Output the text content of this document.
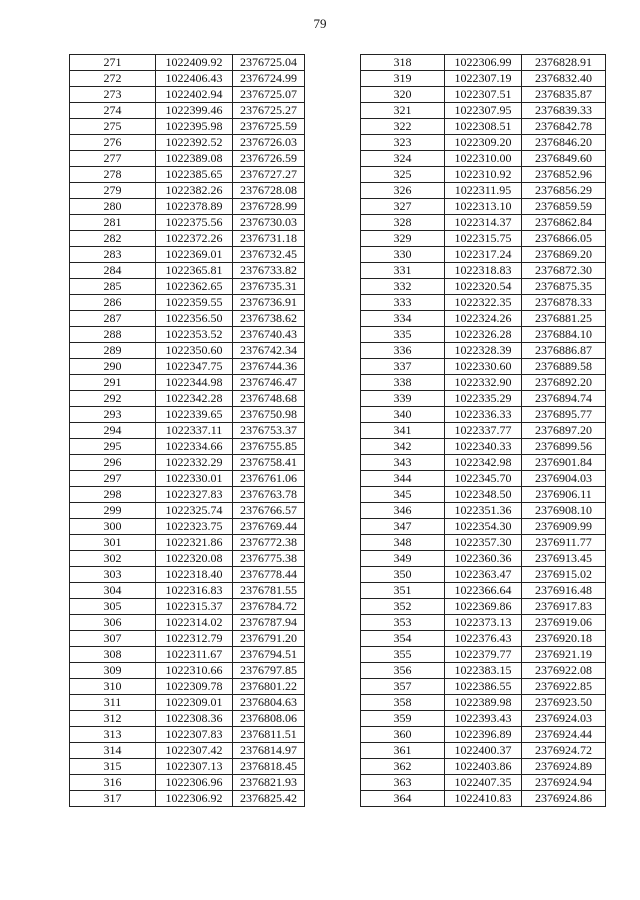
79
271	1022409.92	2376725.04
272	1022406.43	2376724.99
273	1022402.94	2376725.07
274	1022399.46	2376725.27
275	1022395.98	2376725.59
276	1022392.52	2376726.03
277	1022389.08	2376726.59
278	1022385.65	2376727.27
279	1022382.26	2376728.08
280	1022378.89	2376728.99
281	1022375.56	2376730.03
282	1022372.26	2376731.18
283	1022369.01	2376732.45
284	1022365.81	2376733.82
285	1022362.65	2376735.31
286	1022359.55	2376736.91
287	1022356.50	2376738.62
288	1022353.52	2376740.43
289	1022350.60	2376742.34
290	1022347.75	2376744.36
291	1022344.98	2376746.47
292	1022342.28	2376748.68
293	1022339.65	2376750.98
294	1022337.11	2376753.37
295	1022334.66	2376755.85
296	1022332.29	2376758.41
297	1022330.01	2376761.06
298	1022327.83	2376763.78
299	1022325.74	2376766.57
300	1022323.75	2376769.44
301	1022321.86	2376772.38
302	1022320.08	2376775.38
303	1022318.40	2376778.44
304	1022316.83	2376781.55
305	1022315.37	2376784.72
306	1022314.02	2376787.94
307	1022312.79	2376791.20
308	1022311.67	2376794.51
309	1022310.66	2376797.85
310	1022309.78	2376801.22
311	1022309.01	2376804.63
312	1022308.36	2376808.06
313	1022307.83	2376811.51
314	1022307.42	2376814.97
315	1022307.13	2376818.45
316	1022306.96	2376821.93
317	1022306.92	2376825.42
318	1022306.99	2376828.91
319	1022307.19	2376832.40
320	1022307.51	2376835.87
321	1022307.95	2376839.33
322	1022308.51	2376842.78
323	1022309.20	2376846.20
324	1022310.00	2376849.60
325	1022310.92	2376852.96
326	1022311.95	2376856.29
327	1022313.10	2376859.59
328	1022314.37	2376862.84
329	1022315.75	2376866.05
330	1022317.24	2376869.20
331	1022318.83	2376872.30
332	1022320.54	2376875.35
333	1022322.35	2376878.33
334	1022324.26	2376881.25
335	1022326.28	2376884.10
336	1022328.39	2376886.87
337	1022330.60	2376889.58
338	1022332.90	2376892.20
339	1022335.29	2376894.74
340	1022336.33	2376895.77
341	1022337.77	2376897.20
342	1022340.33	2376899.56
343	1022342.98	2376901.84
344	1022345.70	2376904.03
345	1022348.50	2376906.11
346	1022351.36	2376908.10
347	1022354.30	2376909.99
348	1022357.30	2376911.77
349	1022360.36	2376913.45
350	1022363.47	2376915.02
351	1022366.64	2376916.48
352	1022369.86	2376917.83
353	1022373.13	2376919.06
354	1022376.43	2376920.18
355	1022379.77	2376921.19
356	1022383.15	2376922.08
357	1022386.55	2376922.85
358	1022389.98	2376923.50
359	1022393.43	2376924.03
360	1022396.89	2376924.44
361	1022400.37	2376924.72
362	1022403.86	2376924.89
363	1022407.35	2376924.94
364	1022410.83	2376924.86
